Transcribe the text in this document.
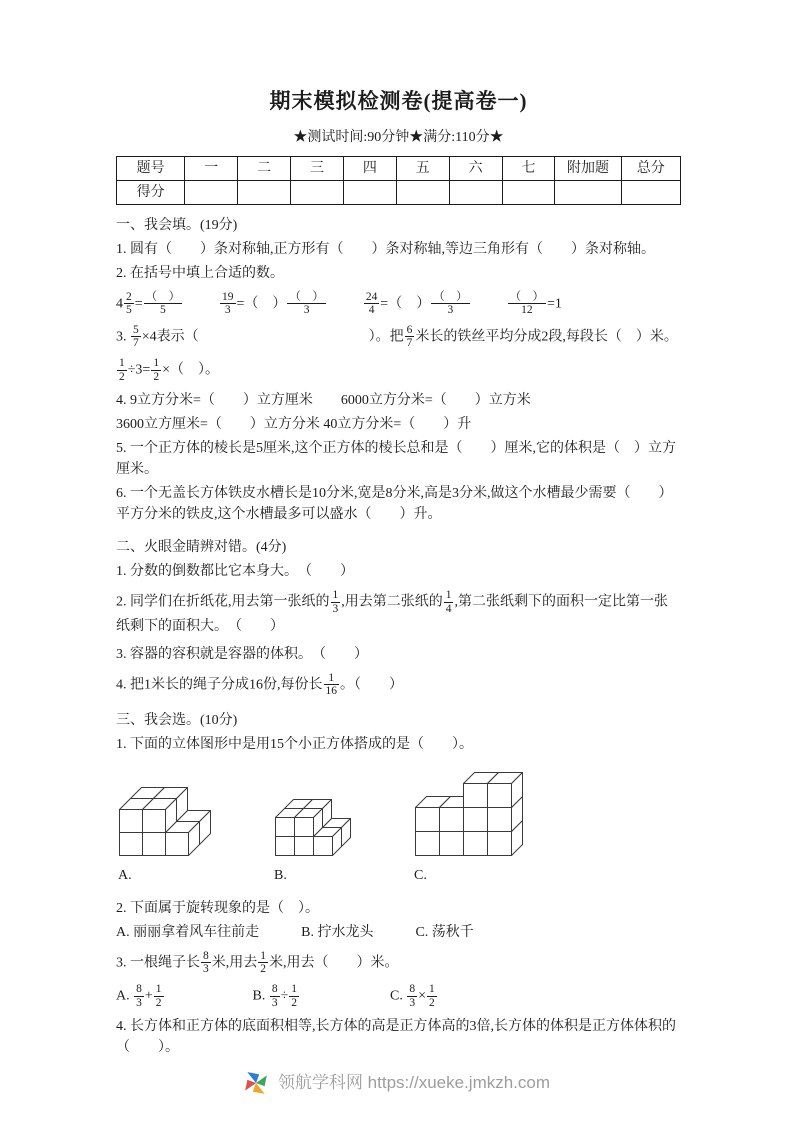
期末模拟检测卷(提高卷一)
★测试时间:90分钟★满分:110分★
题号	一	二	三	四	五	六	七	附加题	总分
得分									
一、我会填。(19分)
1. 圆有（　　）条对称轴,正方形有（　　）条对称轴,等边三角形有（　　）条对称轴。
2. 在括号中填上合适的数。
$4 \frac{2}{5} = \frac{( )}{5}$	$\frac{19}{3}$ =（　） $\frac{( )}{3}$	$\frac{24}{4}$ =（　） $\frac{( )}{3}$	$\frac{( )}{12} =1$
3. $\frac{5}{7} \times 4$表示（	）。把 $\frac{6}{7}$ 米长的铁丝平均分成2段,每段长（　）米。
$\frac{1}{2} \div 3= \frac{1}{2}$ ×（　）。
4. 9立方分米=（　　）立方厘米　　6000立方分米=（　　）立方米
3600立方厘米=（　　）立方分米 40立方分米=（　　）升
5. 一个正方体的棱长是5厘米,这个正方体的棱长总和是（　　）厘米,它的体积是（　）立方厘米。
6. 一个无盖长方体铁皮水槽长是10分米,宽是8分米,高是3分米,做这个水槽最少需要（　　）平方分米的铁皮,这个水槽最多可以盛水（　　）升。
二、火眼金睛辨对错。(4分)
1. 分数的倒数都比它本身大。　（　　）
2. 同学们在折纸花,用去第一张纸的 $\frac{1}{3}$ ,用去第二张纸的 $\frac{1}{4}$ ,第二张纸剩下的面积一定比第一张纸剩下的面积大。　（　　）
3. 容器的容积就是容器的体积。　（　　）
4. 把1米长的绳子分成16份,每份长 $\frac{1}{16}$ 。（　　）
三、我会选。(10分)
1. 下面的立体图形中是用15个小正方体搭成的是（　　）。
A.	B.	C.
2. 下面属于旋转现象的是（　）。
A. 丽丽拿着风车往前走　　　B. 拧水龙头　　　C. 荡秋千
3. 一根绳子长 $\frac{8}{3}$ 米,用去 $\frac{1}{2}$ 米,用去（　　）米。
A. $\frac{8}{3} + \frac{1}{2}$	B. $\frac{8}{3} \div \frac{1}{2}$	C. $\frac{8}{3} \times \frac{1}{2}$
4. 长方体和正方体的底面积相等,长方体的高是正方体高的3倍,长方体的体积是正方体体积的（　　）。
领航学科网 https://xueke.jmkzh.com
